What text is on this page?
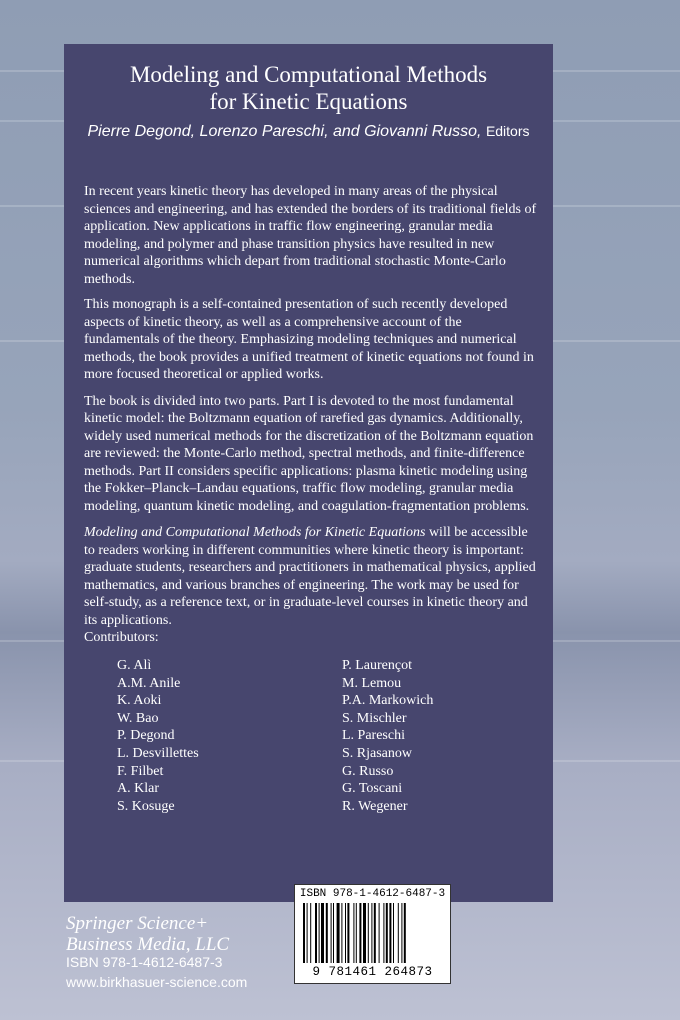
Modeling and Computational Methods
for Kinetic Equations
Pierre Degond, Lorenzo Pareschi, and Giovanni Russo, Editors

In recent years kinetic theory has developed in many areas of the physical sciences and engineering, and has extended the borders of its traditional fields of application. New applications in traffic flow engineering, granular media modeling, and polymer and phase transition physics have resulted in new numerical algorithms which depart from traditional stochastic Monte-Carlo methods.

This monograph is a self-contained presentation of such recently developed aspects of kinetic theory, as well as a comprehensive account of the fundamentals of the theory. Emphasizing modeling techniques and numerical methods, the book provides a unified treatment of kinetic equations not found in more focused theoretical or applied works.

The book is divided into two parts. Part I is devoted to the most fundamental kinetic model: the Boltzmann equation of rarefied gas dynamics. Additionally, widely used numerical methods for the discretization of the Boltzmann equation are reviewed: the Monte-Carlo method, spectral methods, and finite-difference methods. Part II considers specific applications: plasma kinetic modeling using the Fokker–Planck–Landau equations, traffic flow modeling, granular media modeling, quantum kinetic modeling, and coagulation-fragmentation problems.

Modeling and Computational Methods for Kinetic Equations will be accessible to readers working in different communities where kinetic theory is important: graduate students, researchers and practitioners in mathematical physics, applied mathematics, and various branches of engineering. The work may be used for self-study, as a reference text, or in graduate-level courses in kinetic theory and its applications.

Contributors:
G. Alì
A.M. Anile
K. Aoki
W. Bao
P. Degond
L. Desvillettes
F. Filbet
A. Klar
S. Kosuge
P. Laurençot
M. Lemou
P.A. Markowich
S. Mischler
L. Pareschi
S. Rjasanow
G. Russo
G. Toscani
R. Wegener
ISBN 978-1-4612-6487-3
9 781461 264873
Springer Science+
Business Media, LLC
ISBN 978-1-4612-6487-3
www.birkhasuer-science.com
